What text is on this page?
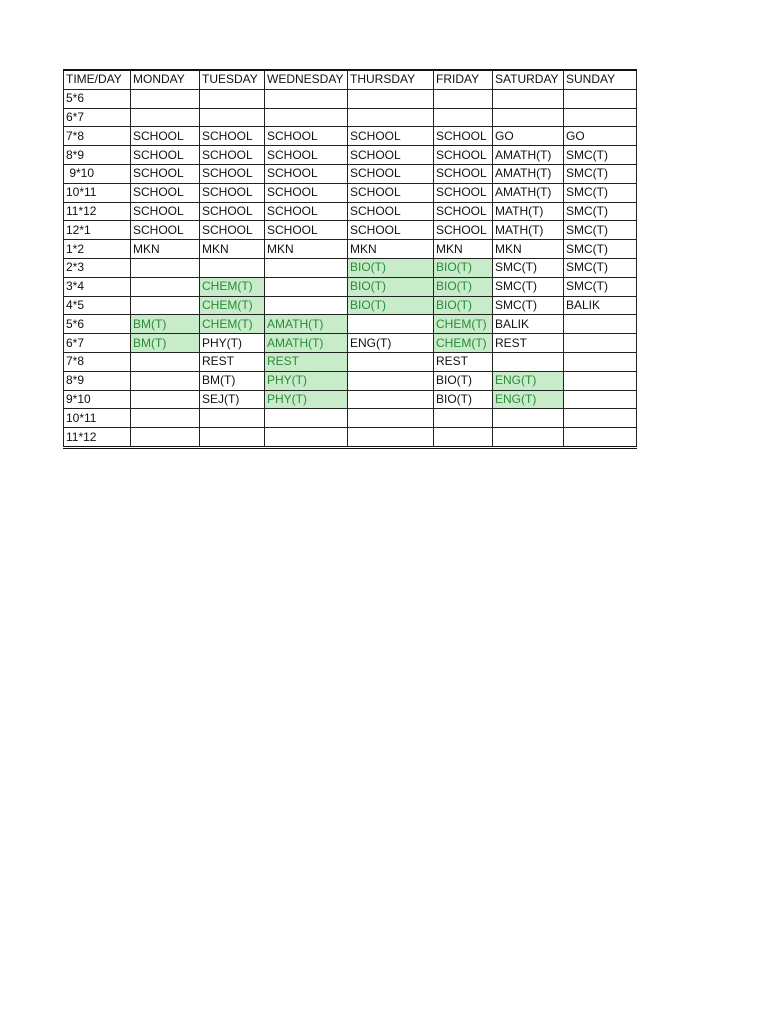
TIME/DAY	MONDAY	TUESDAY	WEDNESDAY	THURSDAY	FRIDAY	SATURDAY	SUNDAY
5*6							
6*7							
7*8	SCHOOL	SCHOOL	SCHOOL	SCHOOL	SCHOOL	GO	GO
8*9	SCHOOL	SCHOOL	SCHOOL	SCHOOL	SCHOOL	AMATH(T)	SMC(T)
9*10	SCHOOL	SCHOOL	SCHOOL	SCHOOL	SCHOOL	AMATH(T)	SMC(T)
10*11	SCHOOL	SCHOOL	SCHOOL	SCHOOL	SCHOOL	AMATH(T)	SMC(T)
11*12	SCHOOL	SCHOOL	SCHOOL	SCHOOL	SCHOOL	MATH(T)	SMC(T)
12*1	SCHOOL	SCHOOL	SCHOOL	SCHOOL	SCHOOL	MATH(T)	SMC(T)
1*2	MKN	MKN	MKN	MKN	MKN	MKN	SMC(T)
2*3				BIO(T)	BIO(T)	SMC(T)	SMC(T)
3*4		CHEM(T)		BIO(T)	BIO(T)	SMC(T)	SMC(T)
4*5		CHEM(T)		BIO(T)	BIO(T)	SMC(T)	BALIK
5*6	BM(T)	CHEM(T)	AMATH(T)		CHEM(T)	BALIK	
6*7	BM(T)	PHY(T)	AMATH(T)	ENG(T)	CHEM(T)	REST	
7*8		REST	REST		REST		
8*9		BM(T)	PHY(T)		BIO(T)	ENG(T)	
9*10		SEJ(T)	PHY(T)		BIO(T)	ENG(T)	
10*11							
11*12							
